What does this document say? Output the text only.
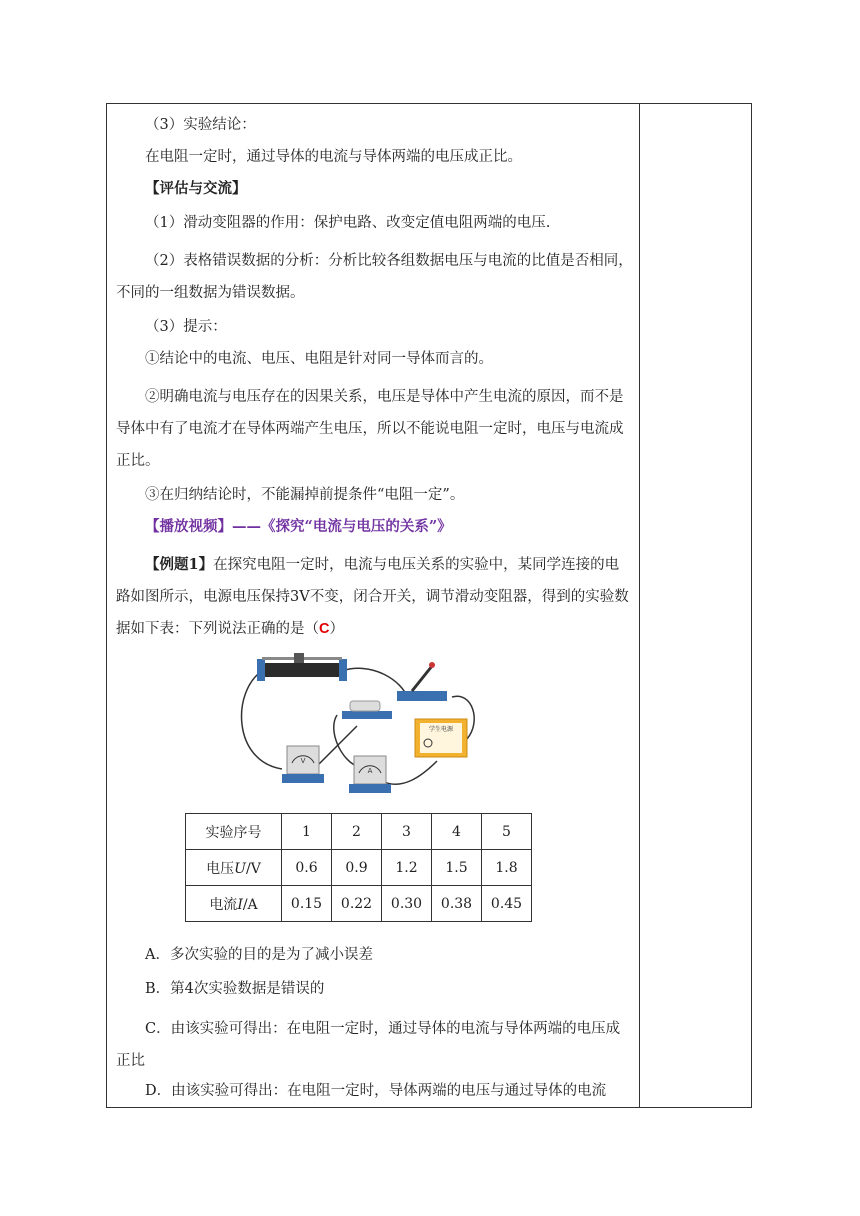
（3）实验结论：

在电阻一定时，通过导体的电流与导体两端的电压成正比。

【评估与交流】

（1）滑动变阻器的作用：保护电路、改变定值电阻两端的电压.

（2）表格错误数据的分析：分析比较各组数据电压与电流的比值是否相同，不同的一组数据为错误数据。

（3）提示：

①结论中的电流、电压、电阻是针对同一导体而言的。

②明确电流与电压存在的因果关系，电压是导体中产生电流的原因，而不是导体中有了电流才在导体两端产生电压，所以不能说电阻一定时，电压与电流成正比。

③在归纳结论时，不能漏掉前提条件“电阻一定”。

【播放视频】——《探究“电流与电压的关系”》

【例题1】在探究电阻一定时，电流与电压关系的实验中，某同学连接的电路如图所示，电源电压保持3V不变，闭合开关，调节滑动变阻器，得到的实验数据如下表：下列说法正确的是（C）

学生电源
V
A
实验序号	1	2	3	4	5
电压U/V	0.6	0.9	1.2	1.5	1.8
电流I/A	0.15	0.22	0.30	0.38	0.45

A．多次实验的目的是为了减小误差

B．第4次实验数据是错误的

C．由该实验可得出：在电阻一定时，通过导体的电流与导体两端的电压成正比

D．由该实验可得出：在电阻一定时，导体两端的电压与通过导体的电流
